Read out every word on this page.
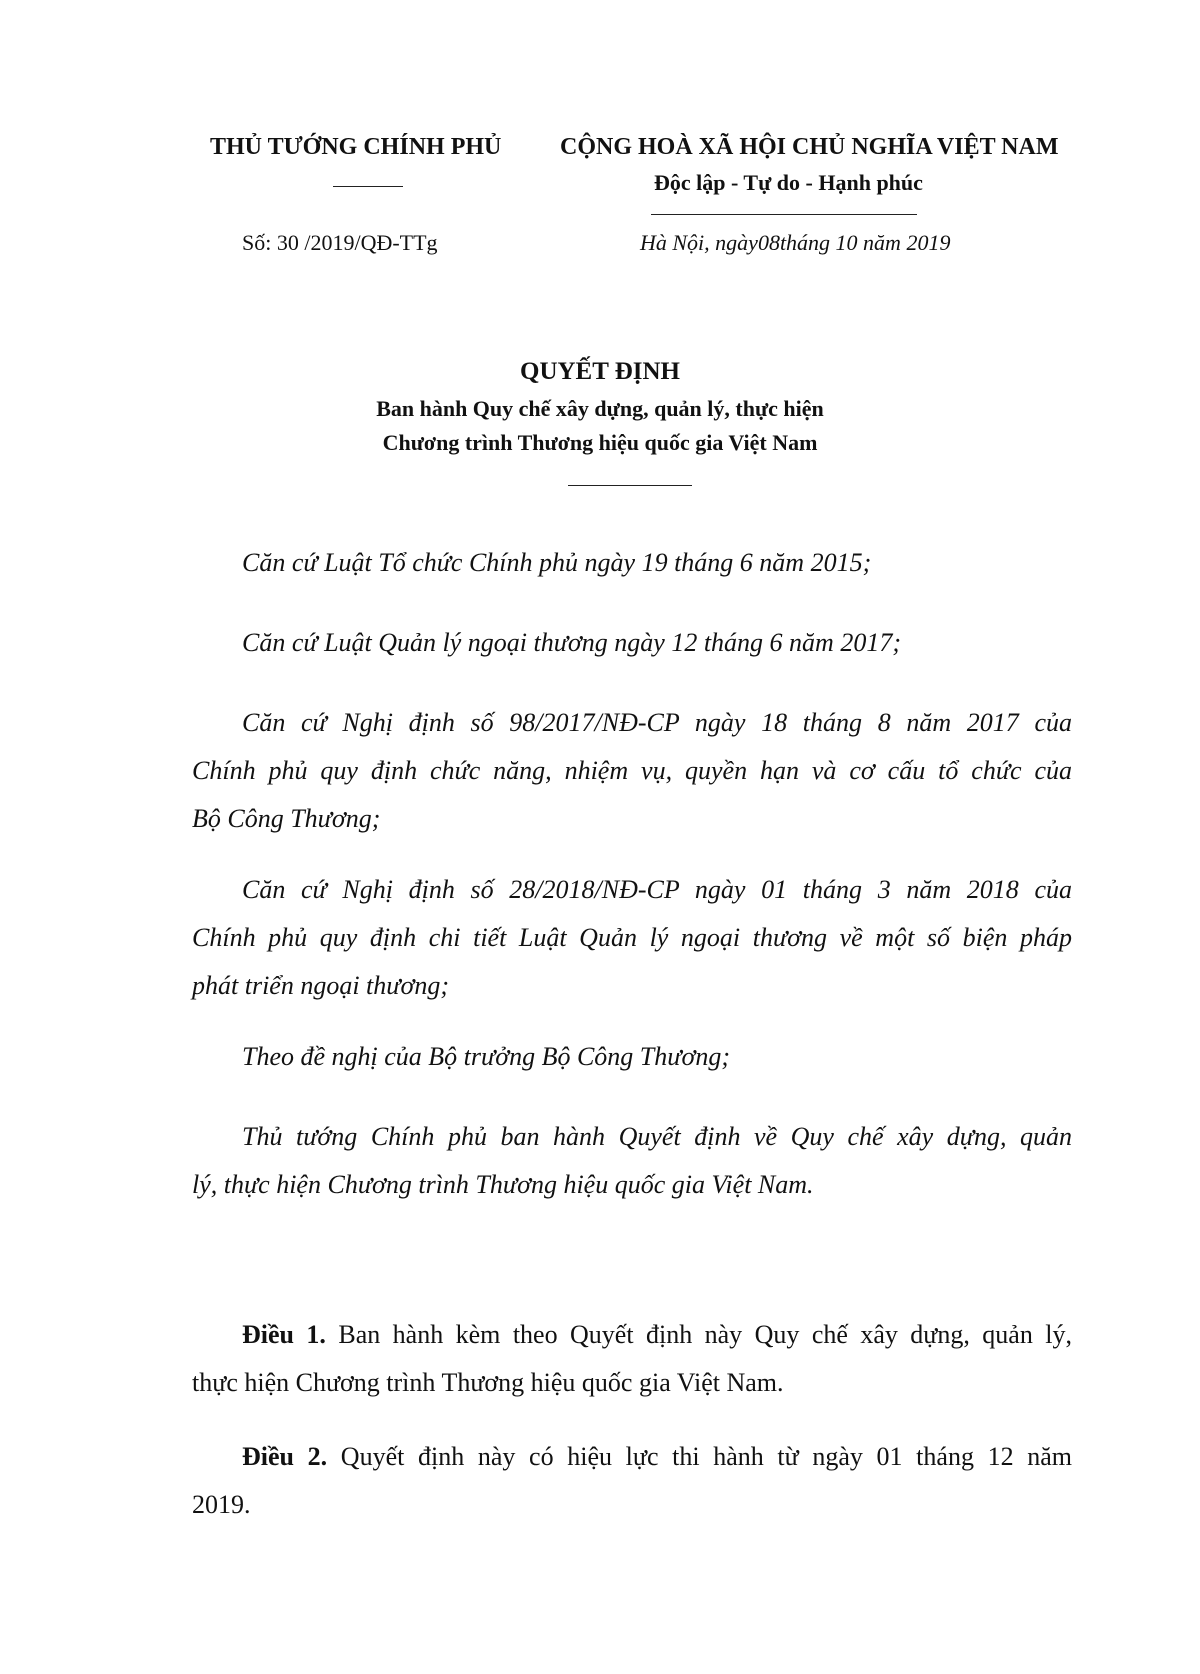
THỦ TƯỚNG CHÍNH PHỦ CỘNG HOÀ XÃ HỘI CHỦ NGHĨA VIỆT NAM
Độc lập - Tự do - Hạnh phúc
Số: 30 /2019/QĐ-TTg	Hà Nội, ngày08tháng 10 năm 2019
QUYẾT ĐỊNH
Ban hành Quy chế xây dựng, quản lý, thực hiện
Chương trình Thương hiệu quốc gia Việt Nam
Căn cứ Luật Tổ chức Chính phủ ngày 19 tháng 6 năm 2015;
Căn cứ Luật Quản lý ngoại thương ngày 12 tháng 6 năm 2017;
Căn cứ Nghị định số 98/2017/NĐ-CP ngày 18 tháng 8 năm 2017 của
Chính phủ quy định chức năng, nhiệm vụ, quyền hạn và cơ cấu tổ chức của
Bộ Công Thương;
Căn cứ Nghị định số 28/2018/NĐ-CP ngày 01 tháng 3 năm 2018 của
Chính phủ quy định chi tiết Luật Quản lý ngoại thương về một số biện pháp
phát triển ngoại thương;
Theo đề nghị của Bộ trưởng Bộ Công Thương;
Thủ tướng Chính phủ ban hành Quyết định về Quy chế xây dựng, quản
lý, thực hiện Chương trình Thương hiệu quốc gia Việt Nam.
Điều 1. Ban hành kèm theo Quyết định này Quy chế xây dựng, quản lý,
thực hiện Chương trình Thương hiệu quốc gia Việt Nam.
Điều 2. Quyết định này có hiệu lực thi hành từ ngày 01 tháng 12 năm
2019.
